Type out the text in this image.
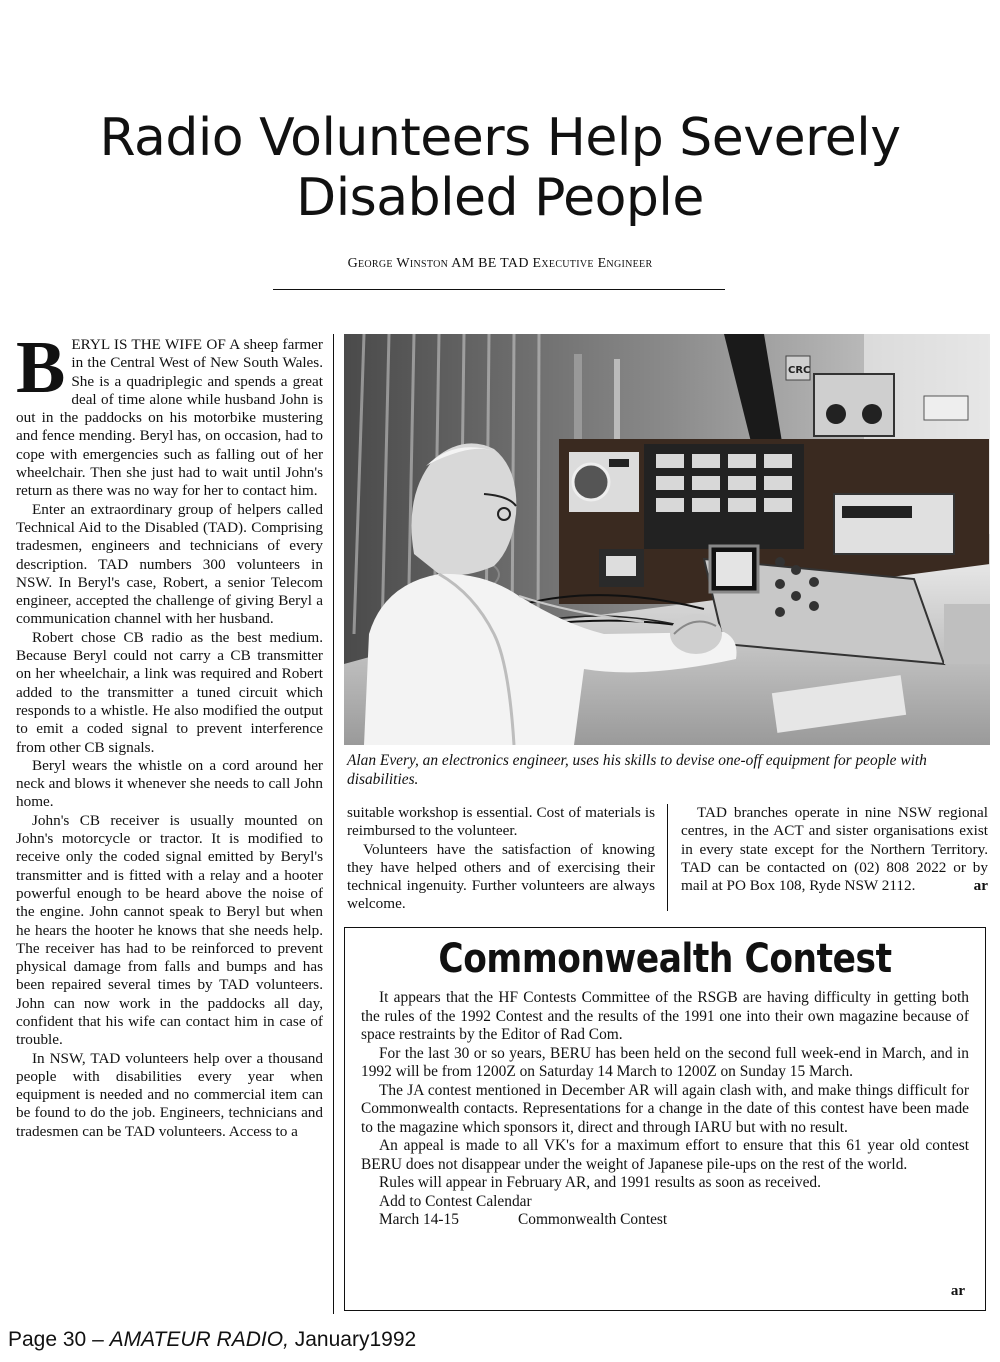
Radio Volunteers Help Severely
Disabled People
George Winston AM BE TAD Executive Engineer

BERYL IS THE WIFE OF A sheep farmer in the Central West of New South Wales. She is a quadriplegic and spends a great deal of time alone while husband John is out in the paddocks on his motorbike mustering and fence mending. Beryl has, on occasion, had to cope with emergencies such as falling out of her wheelchair. Then she just had to wait until John's return as there was no way for her to contact him.

Enter an extraordinary group of helpers called Technical Aid to the Disabled (TAD). Comprising tradesmen, engineers and technicians of every description. TAD numbers 300 volunteers in NSW. In Beryl's case, Robert, a senior Telecom engineer, accepted the challenge of giving Beryl a communication channel with her husband.

Robert chose CB radio as the best medium. Because Beryl could not carry a CB transmitter on her wheelchair, a link was required and Robert added to the transmitter a tuned circuit which responds to a whistle. He also modified the output to emit a coded signal to prevent interference from other CB signals.

Beryl wears the whistle on a cord around her neck and blows it whenever she needs to call John home.

John's CB receiver is usually mounted on John's motorcycle or tractor. It is modified to receive only the coded signal emitted by Beryl's transmitter and is fitted with a relay and a hooter powerful enough to be heard above the noise of the engine. John cannot speak to Beryl but when he hears the hooter he knows that she needs help. The receiver has had to be reinforced to prevent physical damage from falls and bumps and has been repaired several times by TAD volunteers. John can now work in the paddocks all day, confident that his wife can contact him in case of trouble.

In NSW, TAD volunteers help over a thousand people with disabilities every year when equipment is needed and no commercial item can be found to do the job. Engineers, technicians and tradesmen can be TAD volunteers. Access to a

CRC
Alan Every, an electronics engineer, uses his skills to devise one-off equipment for people with disabilities.

suitable workshop is essential. Cost of materials is reimbursed to the volunteer.

Volunteers have the satisfaction of knowing they have helped others and of exercising their technical ingenuity. Further volunteers are always welcome.

TAD branches operate in nine NSW regional centres, in the ACT and sister organisations exist in every state except for the Northern Territory. TAD can be contacted on (02) 808 2022 or by mail at PO Box 108, Ryde NSW 2112.	ar

Commonwealth Contest

It appears that the HF Contests Committee of the RSGB are having difficulty in getting both the rules of the 1992 Contest and the results of the 1991 one into their own magazine because of space restraints by the Editor of Rad Com.

For the last 30 or so years, BERU has been held on the second full week-end in March, and in 1992 will be from 1200Z on Saturday 14 March to 1200Z on Sunday 15 March.

The JA contest mentioned in December AR will again clash with, and make things difficult for Commonwealth contacts. Representations for a change in the date of this contest have been made to the magazine which sponsors it, direct and through IARU but with no result.

An appeal is made to all VK's for a maximum effort to ensure that this 61 year old contest BERU does not disappear under the weight of Japanese pile-ups on the rest of the world.

Rules will appear in February AR, and 1991 results as soon as received.

Add to Contest Calendar
March 14-15	Commonwealth Contest
ar
Page 30 – AMATEUR RADIO, January1992
